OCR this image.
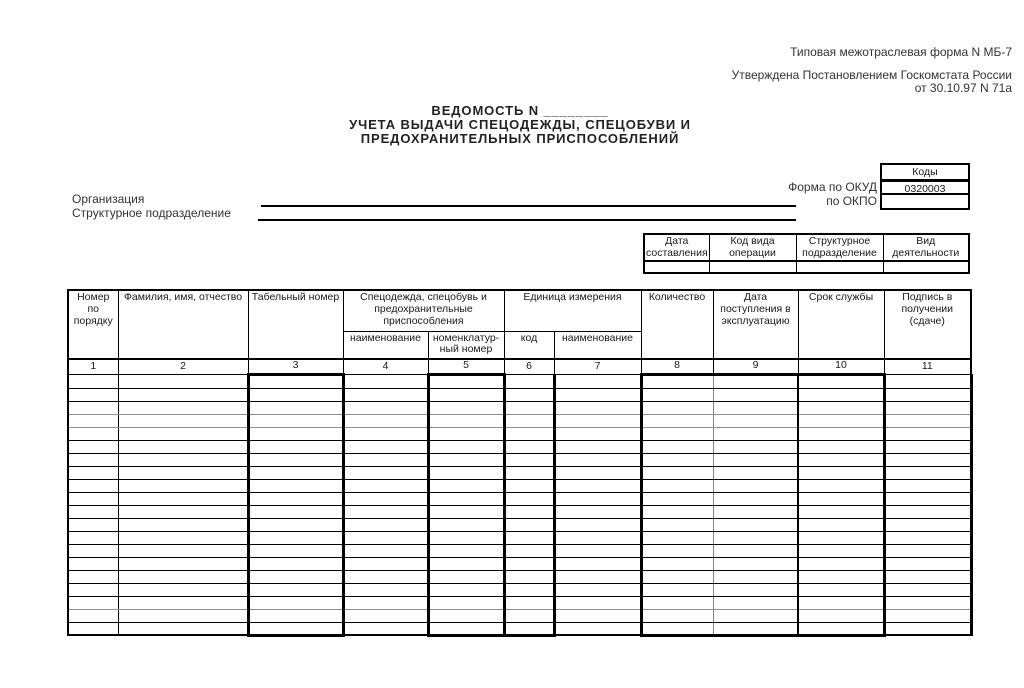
Типовая межотраслевая форма N МБ-7
Утверждена Постановлением Госкомстата России
от 30.10.97 N 71а
ВЕДОМОСТЬ N ________
УЧЕТА ВЫДАЧИ СПЕЦОДЕЖДЫ, СПЕЦОБУВИ И
ПРЕДОХРАНИТЕЛЬНЫХ ПРИСПОСОБЛЕНИЙ
Коды
0320003
Форма по ОКУД
по ОКПО
Организация
Структурное подразделение
Дата составления	Код вида операции	Структурное подразделение	Вид деятельности

Номер по порядку	Фамилия, имя, отчество	Табельный номер	Спецодежда, спецобувь и предохранительные приспособления		Единица измерения		Количество	Дата поступления в эксплуатацию	Срок службы	Подпись в получении (сдаче)
			наименование	номенклатур-ный номер	код	наименование				
1	2	3	4	5	6	7	8	9	10	11
